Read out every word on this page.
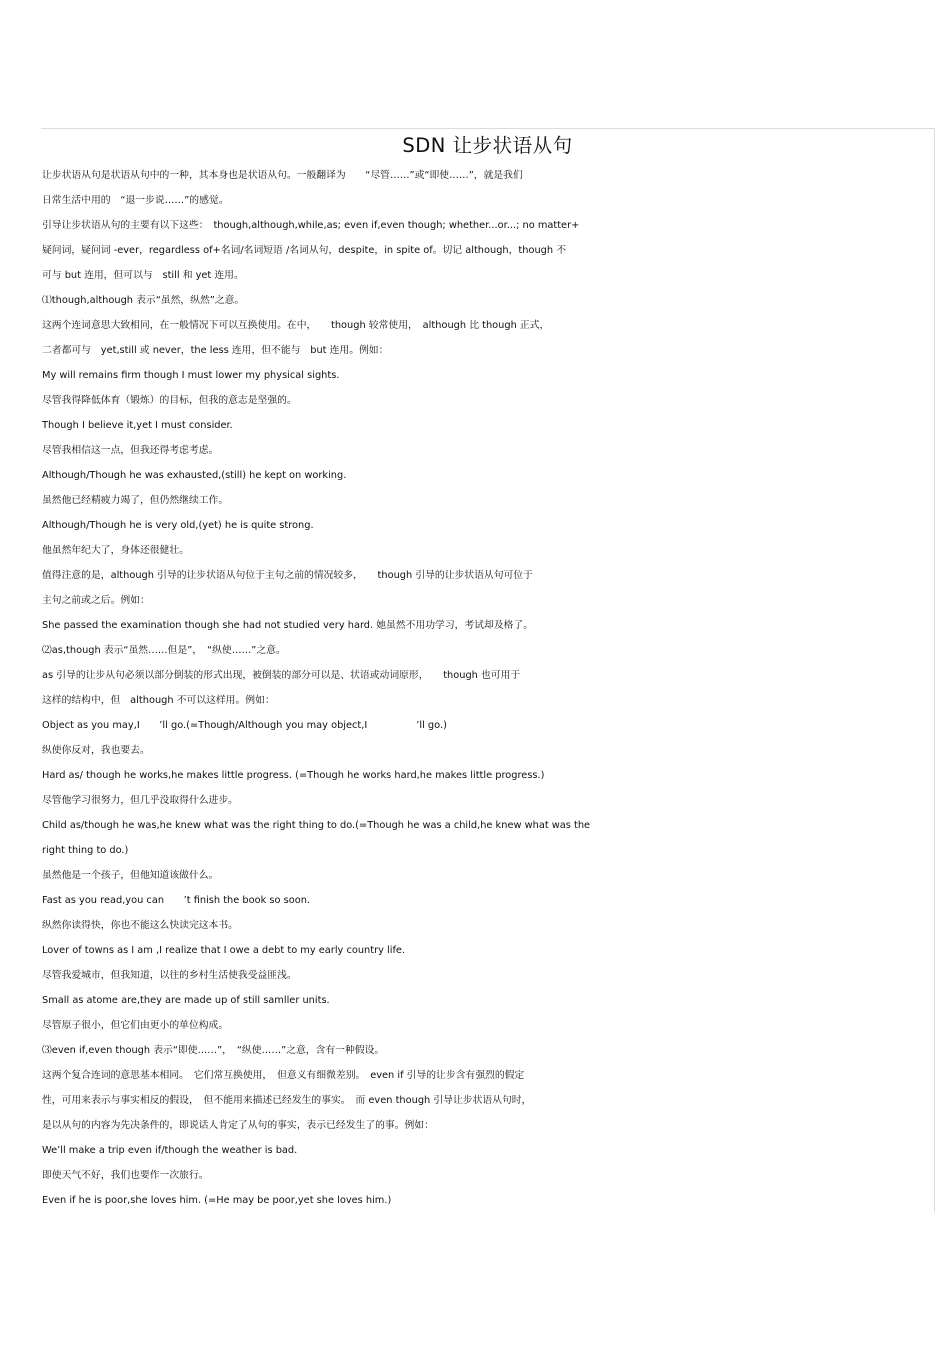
SDN 让步状语从句
让步状语从句是状语从句中的一种，其本身也是状语从句。一般翻译为　　“尽管……”或“即使……”，就是我们
日常生活中用的　“退一步说……”的感觉。
引导让步状语从句的主要有以下这些：　though,although,while,as; even if,even though; whether...or...; no matter+
疑问词，疑问词 -ever，regardless of+名词/名词短语 /名词从句，despite，in spite of。切记 although，though 不
可与 but 连用，但可以与　still 和 yet 连用。
⑴though,although 表示“虽然，纵然”之意。
这两个连词意思大致相同，在一般情况下可以互换使用。在中，　　though 较常使用，　although 比 though 正式，
二者都可与　yet,still 或 never，the less 连用，但不能与　but 连用。例如：
My will remains firm though I must lower my physical sights.
尽管我得降低体育（锻炼）的目标，但我的意志是坚强的。
Though I believe it,yet I must consider.
尽管我相信这一点，但我还得考虑考虑。
Although/Though he was exhausted,(still) he kept on working.
虽然他已经精疲力竭了，但仍然继续工作。
Although/Though he is very old,(yet) he is quite strong.
他虽然年纪大了，身体还很健壮。
值得注意的是，although 引导的让步状语从句位于主句之前的情况较多，　　though 引导的让步状语从句可位于
主句之前或之后。例如：
She passed the examination though she had not studied very hard. 她虽然不用功学习，考试却及格了。
⑵as,though 表示“虽然……但是”，　“纵使……”之意。
as 引导的让步从句必须以部分倒装的形式出现，被倒装的部分可以是、状语或动词原形，　　though 也可用于
这样的结构中，但　although 不可以这样用。例如：
Object as you may,I　　’ll go.(=Though/Although you may object,I　　　　　’ll go.)
纵使你反对，我也要去。
Hard as/ though he works,he makes little progress. (=Though he works hard,he makes little progress.)
尽管他学习很努力，但几乎没取得什么进步。
Child as/though he was,he knew what was the right thing to do.(=Though he was a child,he knew what was the
right thing to do.)
虽然他是一个孩子，但他知道该做什么。
Fast as you read,you can　　’t finish the book so soon.
纵然你读得快，你也不能这么快读完这本书。
Lover of towns as I am ,I realize that I owe a debt to my early country life.
尽管我爱城市，但我知道，以往的乡村生活使我受益匪浅。
Small as atome are,they are made up of still samller units.
尽管原子很小，但它们由更小的单位构成。
⑶even if,even though 表示“即使……”，　“纵使……”之意，含有一种假设。
这两个复合连词的意思基本相同。　它们常互换使用，　但意义有细微差别。　even if 引导的让步含有强烈的假定
性，可用来表示与事实相反的假设，　但不能用来描述已经发生的事实。　而 even though 引导让步状语从句时，
是以从句的内容为先决条件的，即说话人肯定了从句的事实，表示已经发生了的事。例如：
We’ll make a trip even if/though the weather is bad.
即使天气不好，我们也要作一次旅行。
Even if he is poor,she loves him. (=He may be poor,yet she loves him.)
